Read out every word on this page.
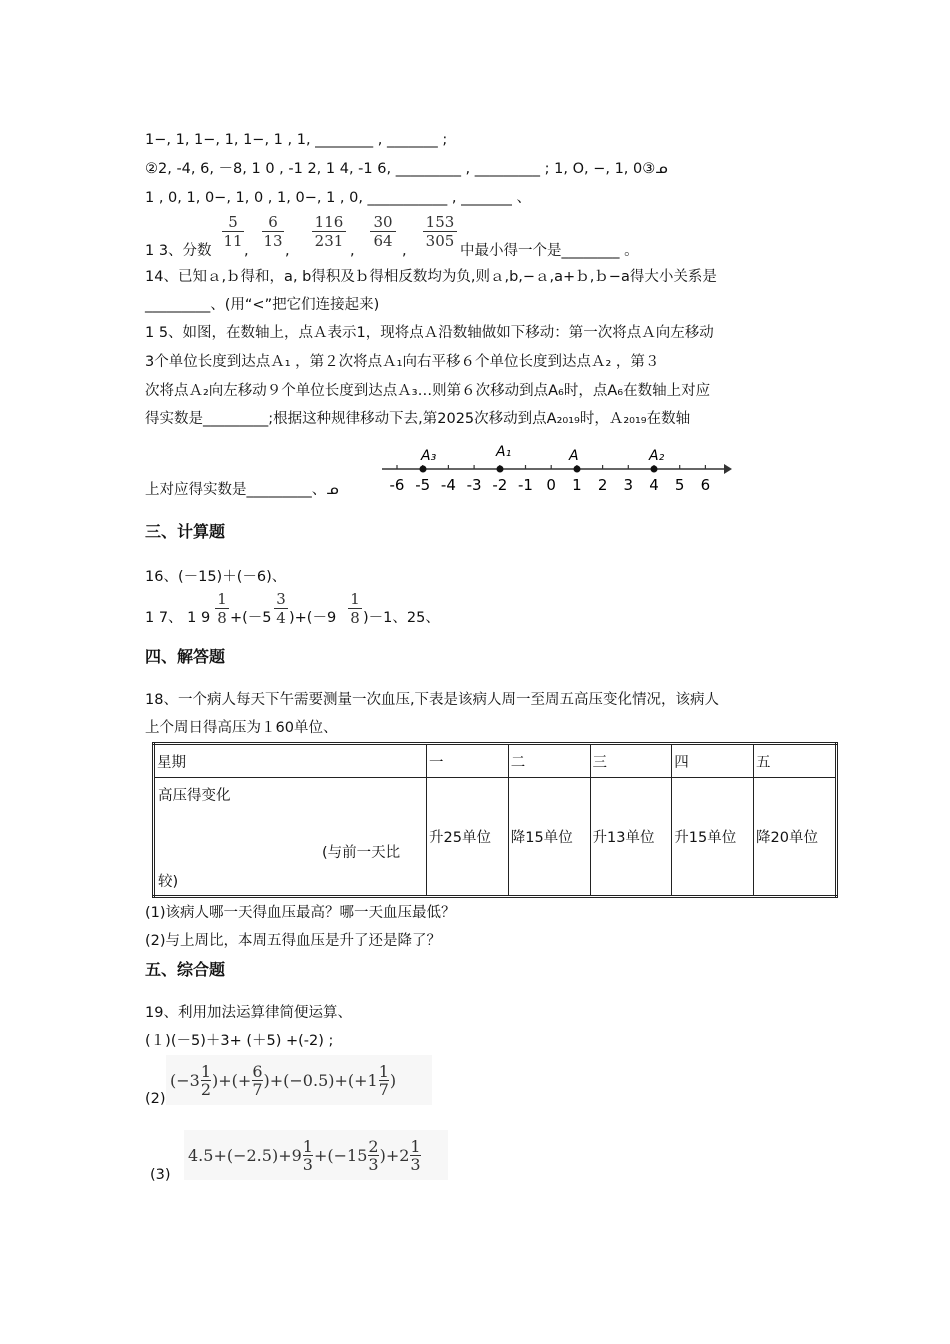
1−, 1, 1−, 1, 1−, 1 , 1, ________ , _______ ;
②2, -4, 6, －8, 1 0 , -1 2, 1 4, -1 6, _________ , _________ ; 1, O, −, 1, 0③ᓄ
1 , 0, 1, 0−, 1, 0 , 1, 0−, 1 , 0, ___________ , _______ 、
$\frac{5}{11} \frac{6}{13} \frac{116}{231} \frac{30}{64} \frac{153}{305}$
1 3、分数 ,	,	,	,	中最小得一个是________ 。
14、已知ａ,ｂ得和，a, b得积及ｂ得相反数均为负,则ａ,b,−ａ,a+ｂ,ｂ−a得大小关系是
_________、(用“<”把它们连接起来)
1 5、如图，在数轴上，点Ａ表示1，现将点Ａ沿数轴做如下移动：第一次将点Ａ向左移动
3个单位长度到达点Ａ₁ ，第２次将点Ａ₁向右平移６个单位长度到达点Ａ₂ ，第３
次将点Ａ₂向左移动９个单位长度到达点Ａ₃…则第６次移动到点A₆时，点A₆在数轴上对应
得实数是_________;根据这种规律移动下去,第2025次移动到点A₂₀₁₉时，Ａ₂₀₁₉在数轴
上对应得实数是_________、ᓄ	-6 -5 -4 -3 -2 -1 0 1 2 3 4 5 6
A₃	A₁	A	A₂
三、计算题
16、(－15)＋(－6)、
$\frac{1}{8}$	$\frac{3}{4}$	$\frac{1}{8}$
1 7、 1 9 +(－5 )+(－9 )－1、25、
四、解答题
18、一个病人每天下午需要测量一次血压,下表是该病人周一至周五高压变化情况，该病人
上个周日得高压为１60单位、
星期	一	二	三	四	五

高压得变化
(与前一天比
较)	升25单位	降15单位	升13单位	升15单位	降20单位
(1)该病人哪一天得血压最高？哪一天血压最低？
(2)与上周比，本周五得血压是升了还是降了？
五、综合题
19、利用加法运算律简便运算、
(１)(－5)＋3+ (＋5) +(-2) ;
(2)
(−3 1
2 )+(+ $\frac{6}{7} )+(-0.5)+(+1$ 1
7 )
(3)
4.5+(−2.5)+9 1
3 +(−15 2
3 )+2 1
3
